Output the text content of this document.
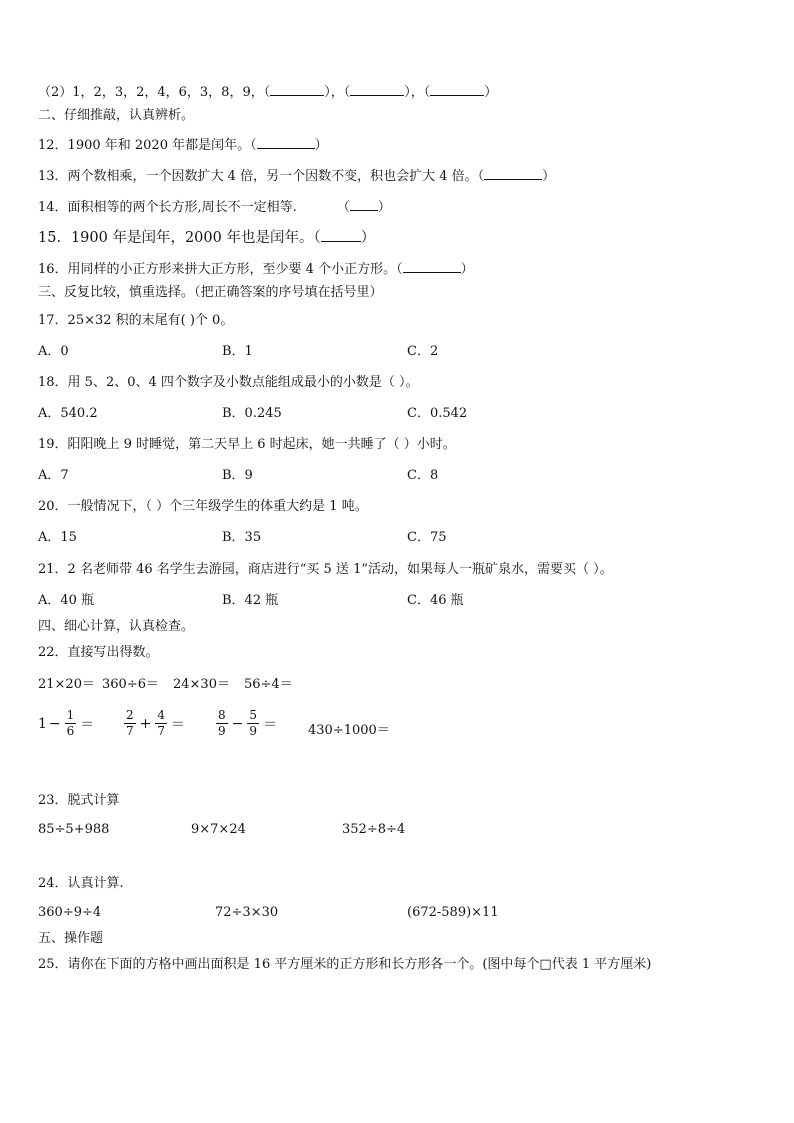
（2）1，2，3，2，4，6，3，8，9，（	），（	），（	）
二、仔细推敲，认真辨析。
12．1900 年和 2020 年都是闰年。（	）
13．两个数相乘，一个因数扩大 4 倍，另一个因数不变，积也会扩大 4 倍。（	）
14．面积相等的两个长方形,周长不一定相等.	（ ）
15．1900 年是闰年，2000 年也是闰年。（	）
16．用同样的小正方形来拼大正方形，至少要 4 个小正方形。（	）
三、反复比较，慎重选择。（把正确答案的序号填在括号里）
17．25×32 积的末尾有( )个 0。
A．0	B．1	C．2
18．用 5、2、0、4 四个数字及小数点能组成最小的小数是（ ）。
A．540.2	B．0.245	C．0.542
19．阳阳晚上 9 时睡觉，第二天早上 6 时起床，她一共睡了（ ）小时。
A．7	B．9	C．8
20．一般情况下，（ ）个三年级学生的体重大约是 1 吨。
A．15	B．35	C．75
21．2 名老师带 46 名学生去游园，商店进行“买 5 送 1”活动，如果每人一瓶矿泉水，需要买（ ）。
A．40 瓶	B．42 瓶	C．46 瓶
四、细心计算，认真检查。
22．直接写出得数。
21×20＝ 360÷6＝ 24×30＝ 56÷4＝
$1 - \frac{1}{6} = \frac{2}{7} + \frac{4}{7}$ ＝	$\frac{8}{9} - \frac{5}{9} = 430\div 1000=$
23．脱式计算
85÷5+988	9×7×24	352÷8÷4
24．认真计算.
360÷9÷4	72÷3×30	(672-589)×11
五、操作题
25．请你在下面的方格中画出面积是 16 平方厘米的正方形和长方形各一个。(图中每个□代表 1 平方厘米)
